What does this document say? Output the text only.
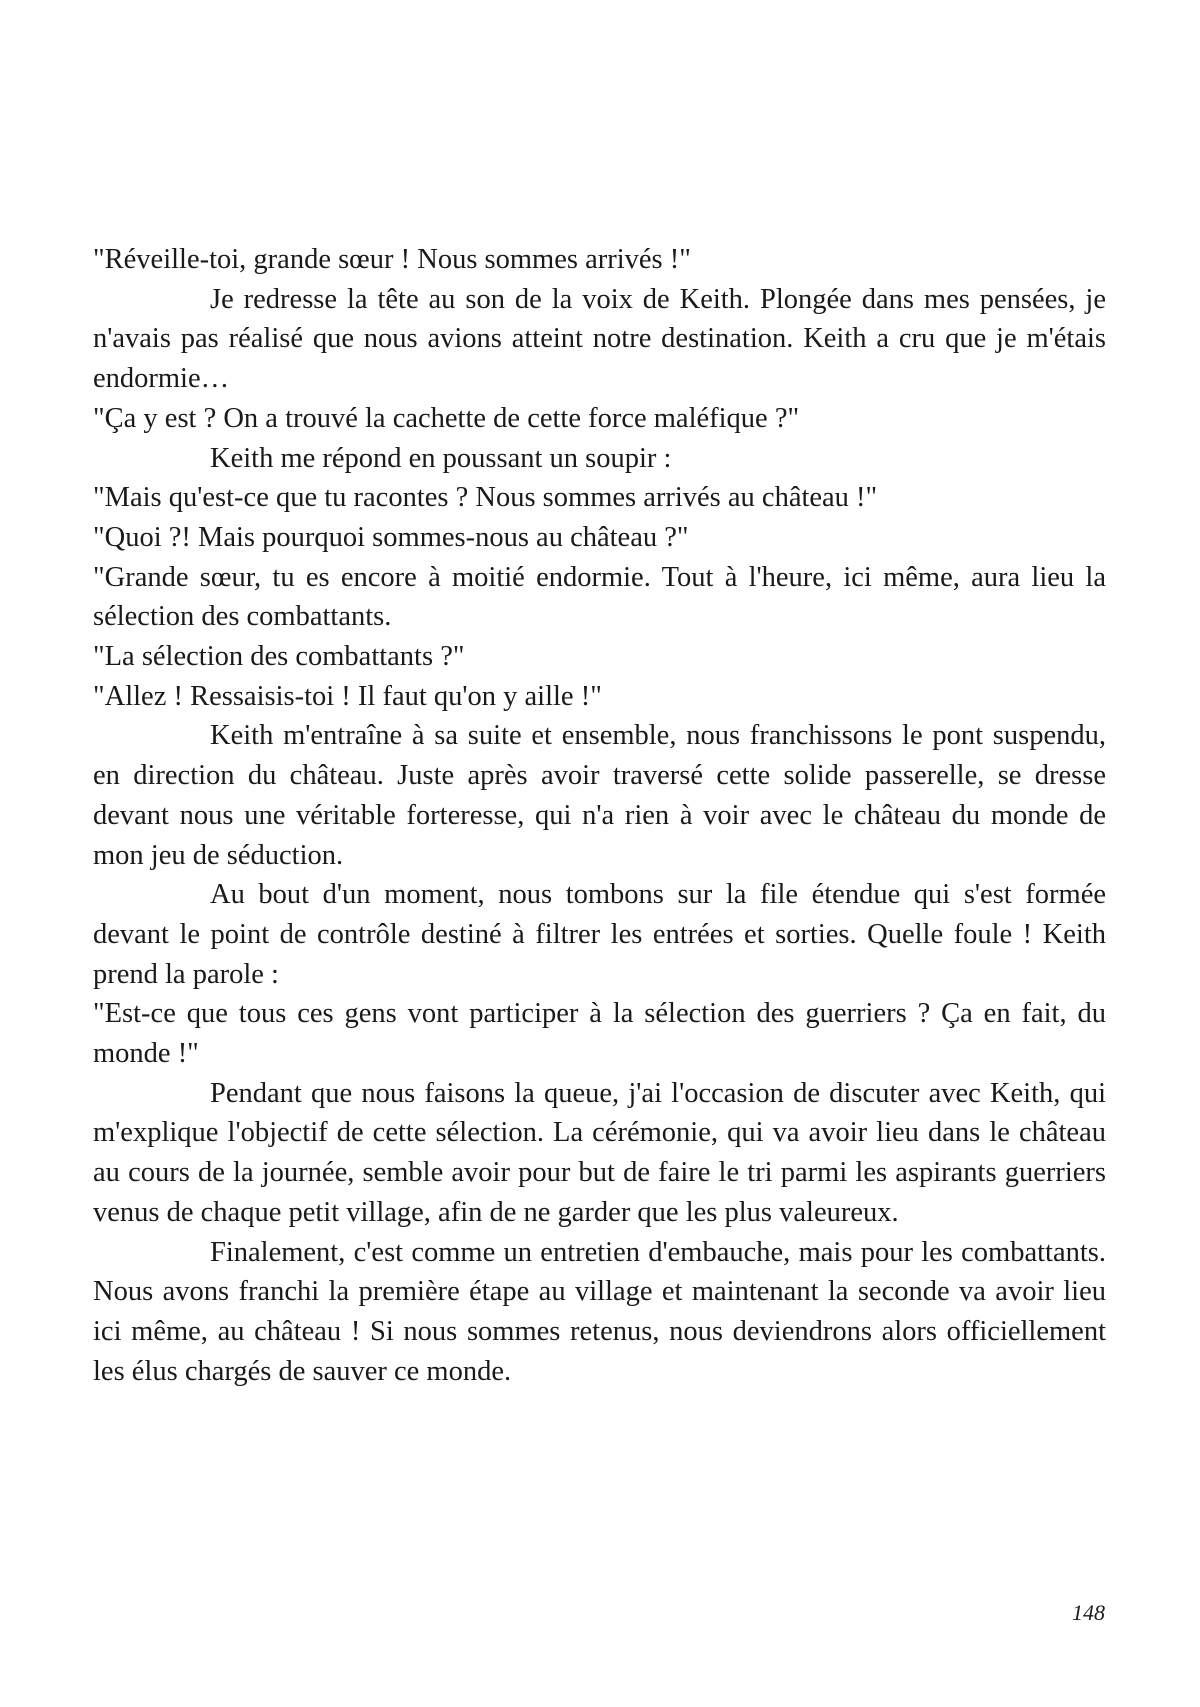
"Réveille-toi, grande sœur ! Nous sommes arrivés !"

Je redresse la tête au son de la voix de Keith. Plongée dans mes pensées, je n'avais pas réalisé que nous avions atteint notre destination. Keith a cru que je m'étais endormie…

"Ça y est ? On a trouvé la cachette de cette force maléfique ?"

Keith me répond en poussant un soupir :

"Mais qu'est-ce que tu racontes ? Nous sommes arrivés au château !"

"Quoi ?! Mais pourquoi sommes-nous au château ?"

"Grande sœur, tu es encore à moitié endormie. Tout à l'heure, ici même, aura lieu la sélection des combattants.

"La sélection des combattants ?"

"Allez ! Ressaisis-toi ! Il faut qu'on y aille !"

Keith m'entraîne à sa suite et ensemble, nous franchissons le pont suspendu, en direction du château. Juste après avoir traversé cette solide passerelle, se dresse devant nous une véritable forteresse, qui n'a rien à voir avec le château du monde de mon jeu de séduction.

Au bout d'un moment, nous tombons sur la file étendue qui s'est formée devant le point de contrôle destiné à filtrer les entrées et sorties. Quelle foule ! Keith prend la parole :

"Est-ce que tous ces gens vont participer à la sélection des guerriers ? Ça en fait, du monde !"

Pendant que nous faisons la queue, j'ai l'occasion de discuter avec Keith, qui m'explique l'objectif de cette sélection. La cérémonie, qui va avoir lieu dans le château au cours de la journée, semble avoir pour but de faire le tri parmi les aspirants guerriers venus de chaque petit village, afin de ne garder que les plus valeureux.

Finalement, c'est comme un entretien d'embauche, mais pour les combattants. Nous avons franchi la première étape au village et maintenant la seconde va avoir lieu ici même, au château ! Si nous sommes retenus, nous deviendrons alors officiellement les élus chargés de sauver ce monde.

148
